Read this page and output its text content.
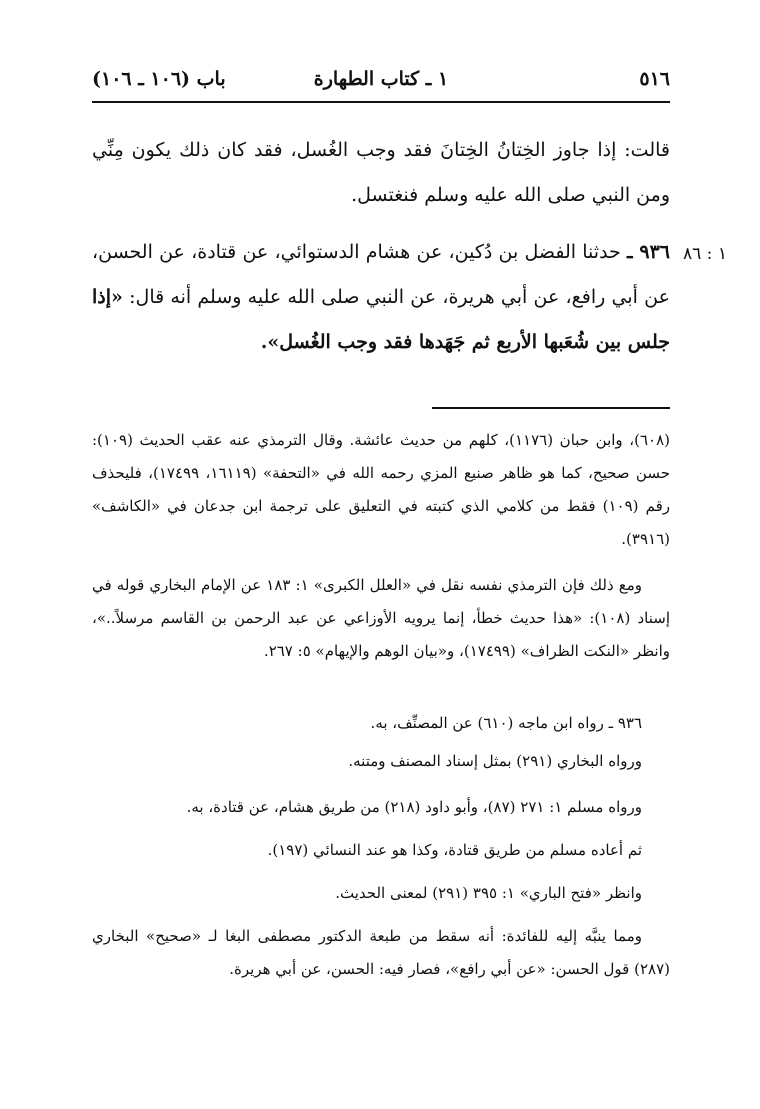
٥١٦
١ ـ كتاب الطهارة
باب (١٠٦ ـ ١٠٦)
قالت: إذا جاوز الخِتانُ الخِتانَ فقد وجب الغُسل، فقد كان ذلك يكون مِنِّي ومن النبي صلى الله عليه وسلم فنغتسل.
١ : ٨٦
٩٣٦ ـ حدثنا الفضل بن دُكين، عن هشام الدستوائي، عن قتادة، عن الحسن، عن أبي رافع، عن أبي هريرة، عن النبي صلى الله عليه وسلم أنه قال: «إذا جلس بين شُعَبها الأربع ثم جَهَدها فقد وجب الغُسل».
(٦٠٨)، وابن حبان (١١٧٦)، كلهم من حديث عائشة. وقال الترمذي عنه عقب الحديث (١٠٩): حسن صحيح، كما هو ظاهر صنيع المزي رحمه الله في «التحفة» (١٦١١٩، ١٧٤٩٩)، فليحذف رقم (١٠٩) فقط من كلامي الذي كتبته في التعليق على ترجمة ابن جدعان في «الكاشف» (٣٩١٦).
ومع ذلك فإن الترمذي نفسه نقل في «العلل الكبرى» ١: ١٨٣ عن الإمام البخاري قوله في إسناد (١٠٨): «هذا حديث خطأ، إنما يرويه الأوزاعي عن عبد الرحمن بن القاسم مرسلاً..»، وانظر «النكت الظراف» (١٧٤٩٩)، و«بيان الوهم والإيهام» ٥: ٢٦٧.
٩٣٦ ـ رواه ابن ماجه (٦١٠) عن المصنِّف، به.
ورواه البخاري (٢٩١) بمثل إسناد المصنف ومتنه.
ورواه مسلم ١: ٢٧١ (٨٧)، وأبو داود (٢١٨) من طريق هشام، عن قتادة، به.
ثم أعاده مسلم من طريق قتادة، وكذا هو عند النسائي (١٩٧).
وانظر «فتح الباري» ١: ٣٩٥ (٢٩١) لمعنى الحديث.
ومما ينبَّه إليه للفائدة: أنه سقط من طبعة الدكتور مصطفى البغا لـ «صحيح» البخاري (٢٨٧) قول الحسن: «عن أبي رافع»، فصار فيه: الحسن، عن أبي هريرة.
